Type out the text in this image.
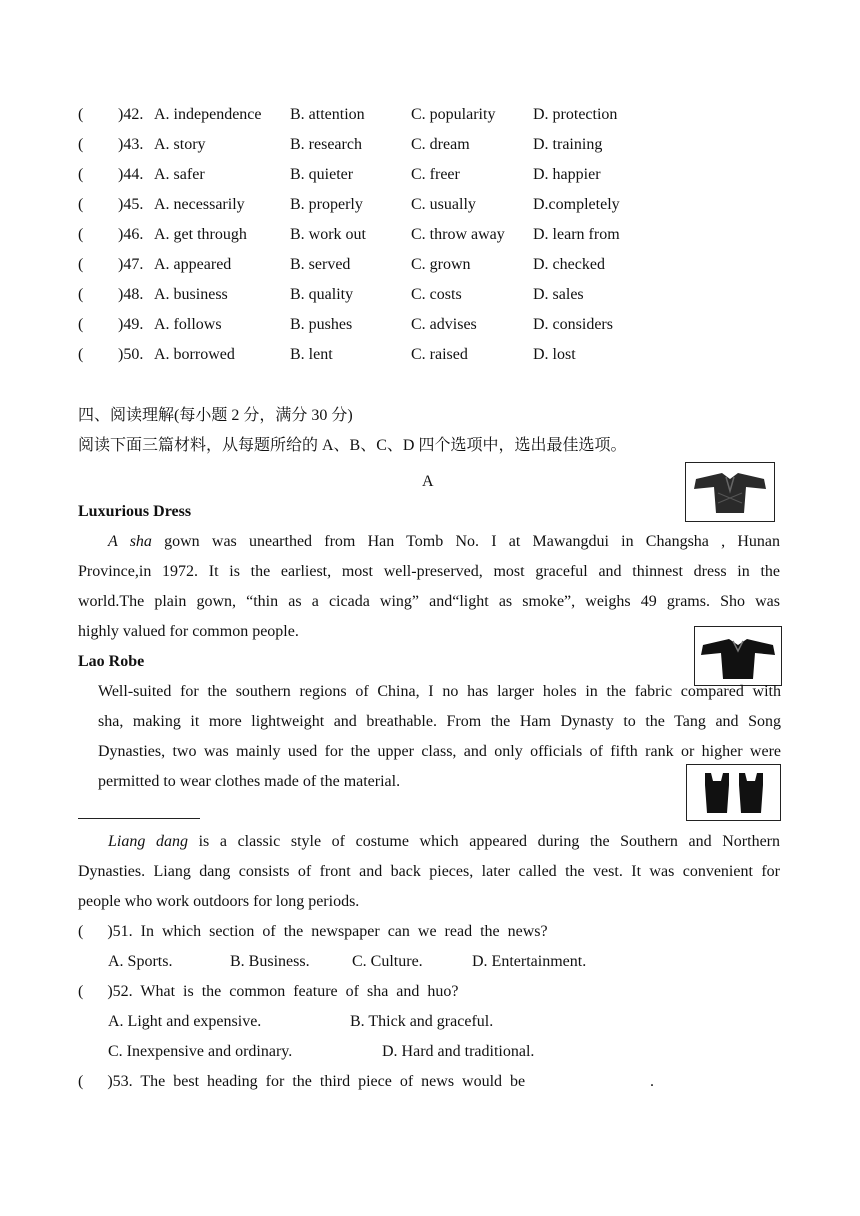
( )42. A. independence B. attention	C. popularity D. protection
( )43. A. story	B. research	C. dream	D. training
( )44. A. safer	B. quieter	C. freer	D. happier
( )45. A. necessarily	B. properly	C. usually	D.completely
( )46. A. get through	B. work out	C. throw away D. learn from
( )47. A. appeared	B. served	C. grown	D. checked
( )48. A. business	B. quality	C. costs	D. sales
( )49. A. follows	B. pushes	C. advises	D. considers
( )50. A. borrowed	B. lent	C. raised	D. lost
四、阅读理解(每小题 2 分，满分 30 分)
阅读下面三篇材料，从每题所给的 A、B、C、D 四个选项中，选出最佳选项。
A
Luxurious Dress
A sha gown was unearthed from Han Tomb No. I at Mawangdui in Changsha , Hunan
Province,in 1972. It is the earliest, most well-preserved, most graceful and thinnest dress in the
world.The plain gown, “thin as a cicada wing” and“light as smoke”, weighs 49 grams. Sho was
highly valued for common people.
Lao Robe
Well-suited for the southern regions of China, I no has larger holes in the fabric compared with
sha, making it more lightweight and breathable. From the Ham Dynasty to the Tang and Song
Dynasties, two was mainly used for the upper class, and only officials of fifth rank or higher were
permitted to wear clothes made of the material.
Liang dang is a classic style of costume which appeared during the Southern and Northern
Dynasties. Liang dang consists of front and back pieces, later called the vest. It was convenient for
people who work outdoors for long periods.
(      )51.  In  which  section  of  the  newspaper  can  we  read  the  news?
A. Sports.	B. Business.	C. Culture.	D. Entertainment.
(      )52.  What  is  the  common  feature  of  sha  and  huo?
A. Light and expensive.	B. Thick and graceful.
C. Inexpensive and ordinary.	D. Hard and traditional.
(      )53.  The  best  heading  for  the  third  piece  of  news  would  be	.
